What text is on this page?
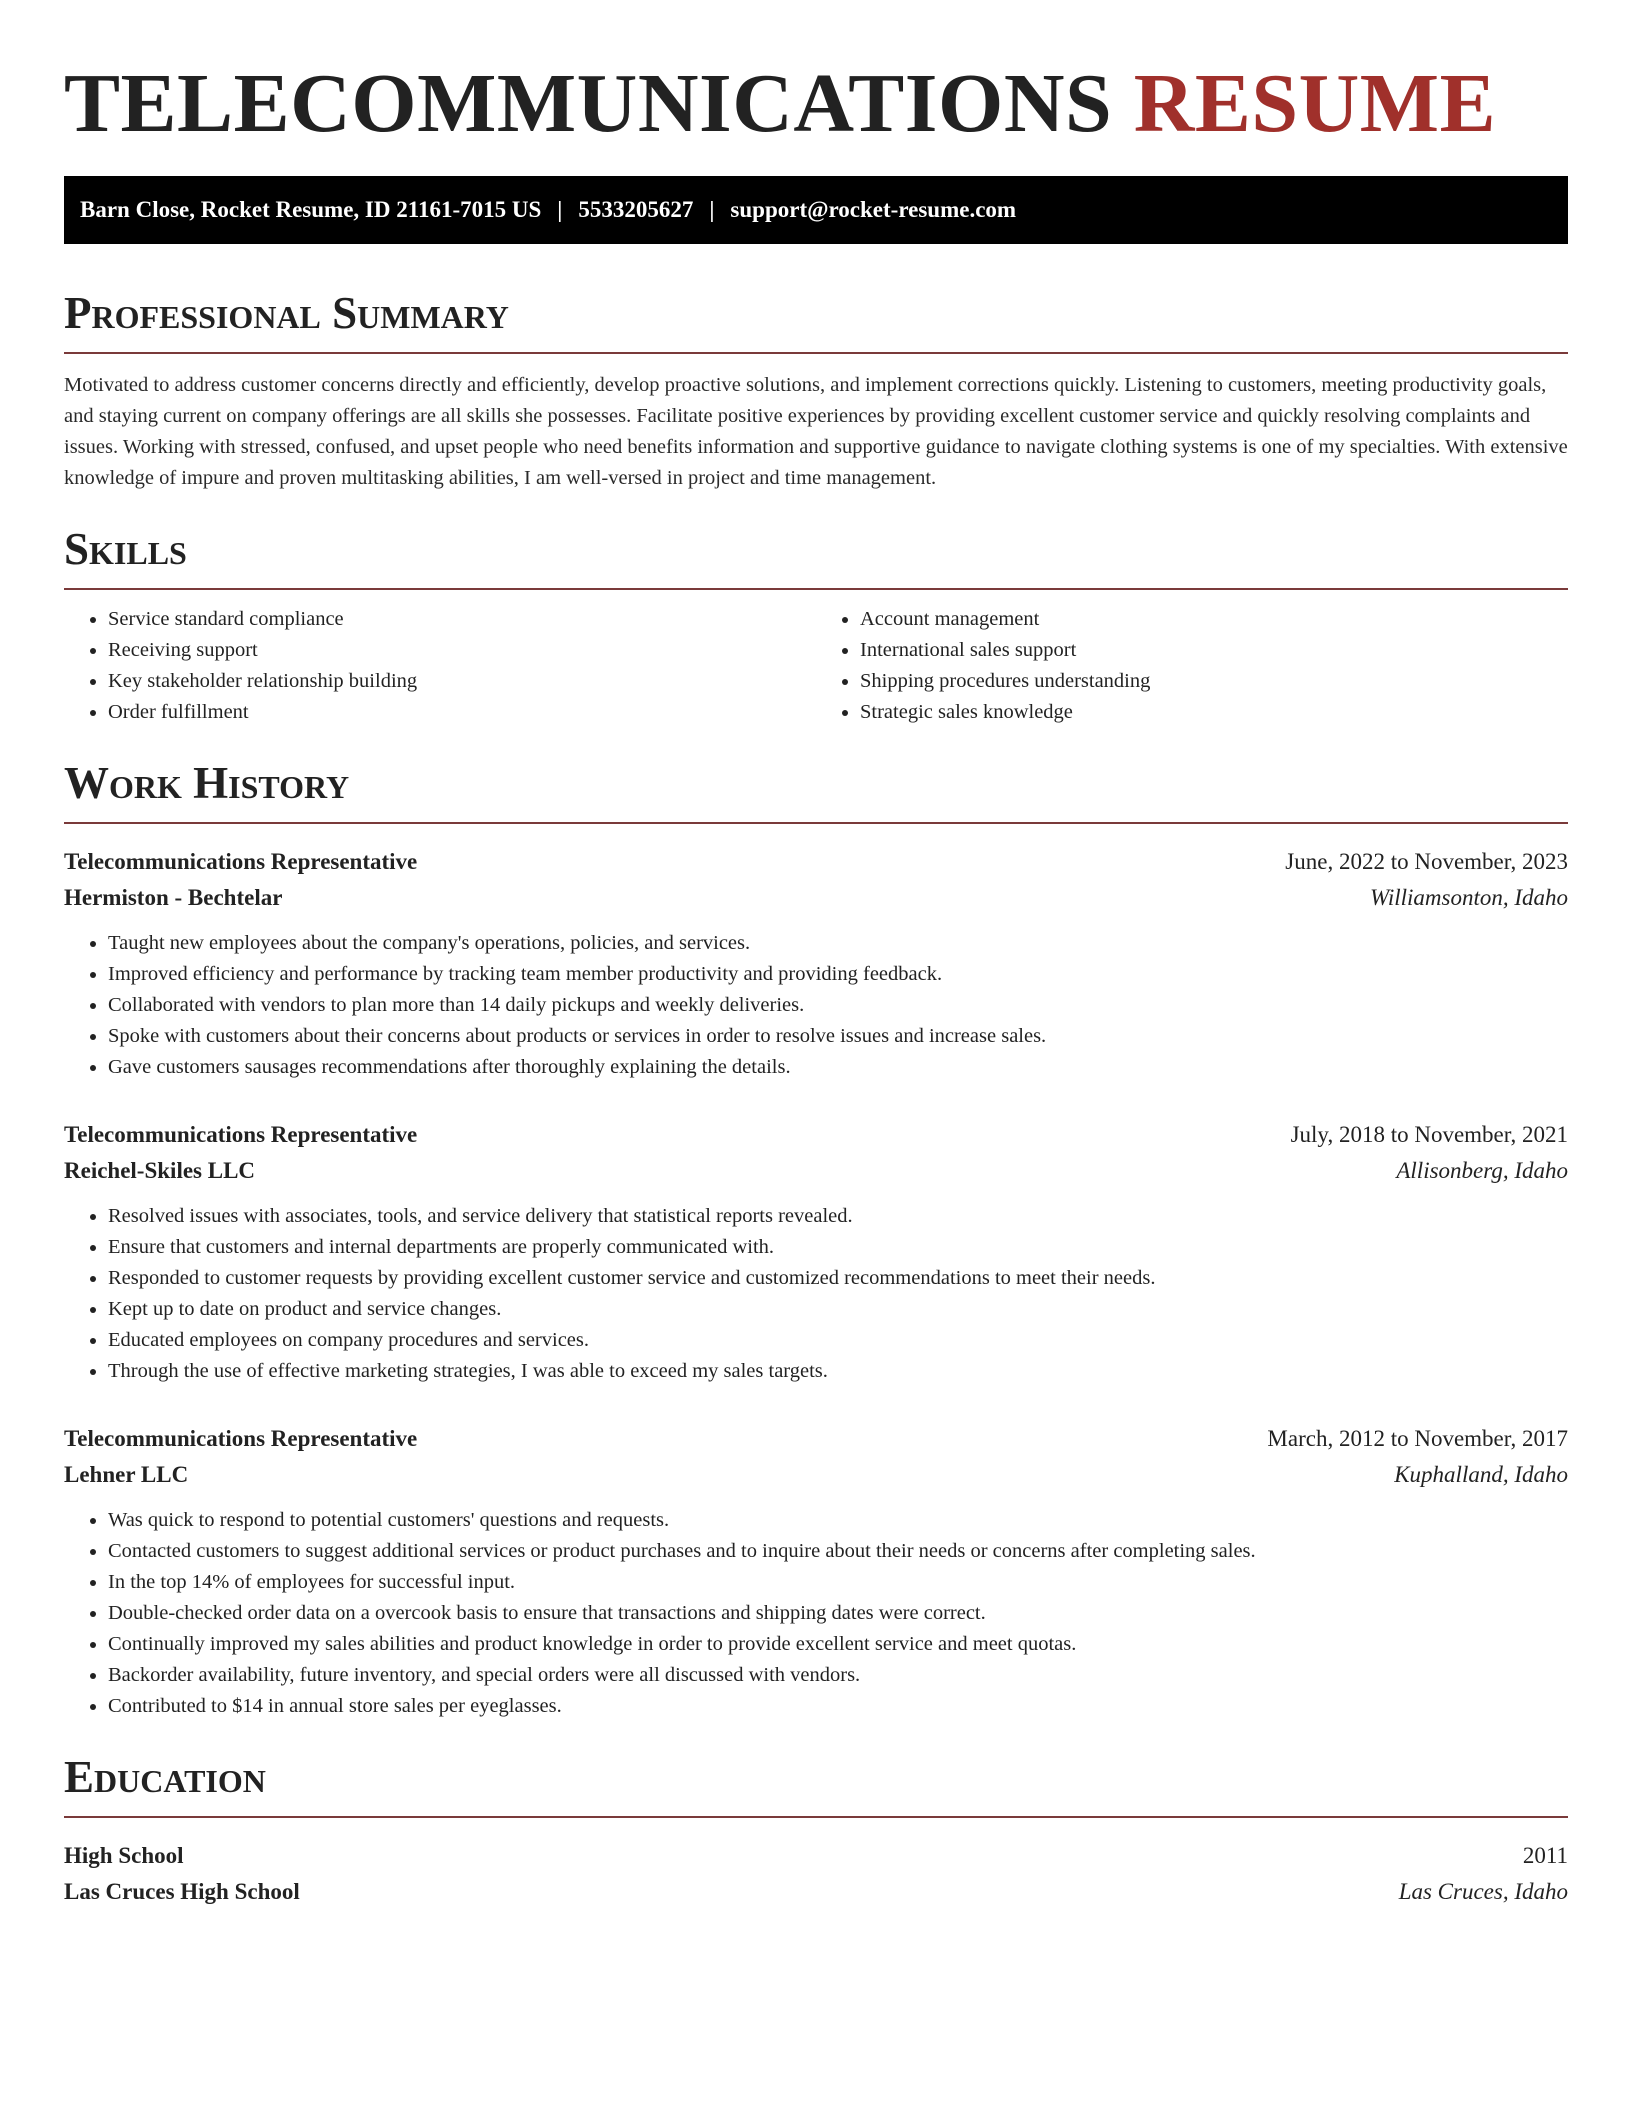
TELECOMMUNICATIONS RESUME
Barn Close, Rocket Resume, ID 21161-7015 US | 5533205627 | support@rocket-resume.com
Professional Summary

Motivated to address customer concerns directly and efficiently, develop proactive solutions, and implement corrections quickly. Listening to customers, meeting productivity goals, and staying current on company offerings are all skills she possesses. Facilitate positive experiences by providing excellent customer service and quickly resolving complaints and issues. Working with stressed, confused, and upset people who need benefits information and supportive guidance to navigate clothing systems is one of my specialties. With extensive knowledge of impure and proven multitasking abilities, I am well-versed in project and time management.

Skills
• Service standard compliance
• Receiving support
• Key stakeholder relationship building
• Order fulfillment
• Account management
• International sales support
• Shipping procedures understanding
• Strategic sales knowledge
Work History
Telecommunications Representative	June, 2022 to November, 2023
Hermiston - Bechtelar	Williamsonton, Idaho
• Taught new employees about the company's operations, policies, and services.
• Improved efficiency and performance by tracking team member productivity and providing feedback.
• Collaborated with vendors to plan more than 14 daily pickups and weekly deliveries.
• Spoke with customers about their concerns about products or services in order to resolve issues and increase sales.
• Gave customers sausages recommendations after thoroughly explaining the details.
Telecommunications Representative	July, 2018 to November, 2021
Reichel-Skiles LLC	Allisonberg, Idaho
• Resolved issues with associates, tools, and service delivery that statistical reports revealed.
• Ensure that customers and internal departments are properly communicated with.
• Responded to customer requests by providing excellent customer service and customized recommendations to meet their needs.
• Kept up to date on product and service changes.
• Educated employees on company procedures and services.
• Through the use of effective marketing strategies, I was able to exceed my sales targets.
Telecommunications Representative	March, 2012 to November, 2017
Lehner LLC	Kuphalland, Idaho
• Was quick to respond to potential customers' questions and requests.
• Contacted customers to suggest additional services or product purchases and to inquire about their needs or concerns after completing sales.
• In the top 14% of employees for successful input.
• Double-checked order data on a overcook basis to ensure that transactions and shipping dates were correct.
• Continually improved my sales abilities and product knowledge in order to provide excellent service and meet quotas.
• Backorder availability, future inventory, and special orders were all discussed with vendors.
• Contributed to $14 in annual store sales per eyeglasses.
Education
High School	2011
Las Cruces High School	Las Cruces, Idaho
